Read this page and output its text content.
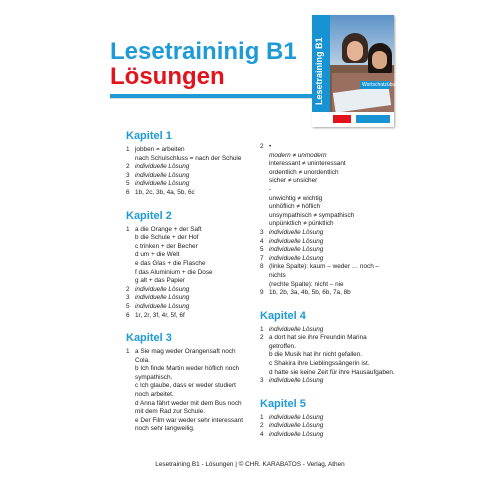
Lesetraininig B1
Lösungen	Wortschatzübungen
Lesetraining B1
Kapitel 1
1 jobben = arbeiten
nach Schulschluss = nach der Schule
2 individuelle Lösung
3 individuelle Lösung
5 individuelle Lösung
6 1b, 2c, 3b, 4a, 5b, 6c
Kapitel 2
1 a die Orange + der Saft
b die Schule + der Hof
c trinken + der Becher
d um + die Welt
e das Glas + die Flasche
f das Aluminium + die Dose
g alt + das Papier
2 individuelle Lösung
3 individuelle Lösung
5 individuelle Lösung
6 1r, 2r, 3f, 4r, 5f, 6f
Kapitel 3
1 a Sie mag weder Orangensaft noch
Cola.
b Ich finde Martin weder höflich noch
sympathisch.
c Ich glaube, dass er weder studiert
noch arbeitet.
d Anna fährt weder mit dem Bus noch
mit dem Rad zur Schule.
e Der Film war weder sehr interessant
noch sehr langweilig.
2 •
modern ≠ unmodern
interessant ≠ uninteressant
ordentlich ≠ unordentlich
sicher ≠ unsicher
-
unwichtig ≠ wichtig
unhöflich ≠ höflich
unsympathisch ≠ sympathisch
unpünktlich ≠ pünktlich
3 individuelle Lösung
4 individuelle Lösung
5 individuelle Lösung
7 individuelle Lösung
8 (linke Spalte): kaum – weder … noch –
nichts
(rechte Spalte): nicht – nie
9 1b, 2b, 3a, 4b, 5b, 6b, 7a, 8b
Kapitel 4
1 individuelle Lösung
2 a dort hat sie ihre Freundin Marina getroffen.
b die Musik hat ihr nicht gefallen.
c Shakira ihre Lieblingssängerin ist.
d hatte sie keine Zeit für ihre Hausaufgaben.
3 individuelle Lösung
Kapitel 5
1 individuelle Lösung
2 individuelle Lösung
4 individuelle Lösung
Lesetraining B1 - Lösungen | © CHR. KARABATOS - Verlag, Athen
